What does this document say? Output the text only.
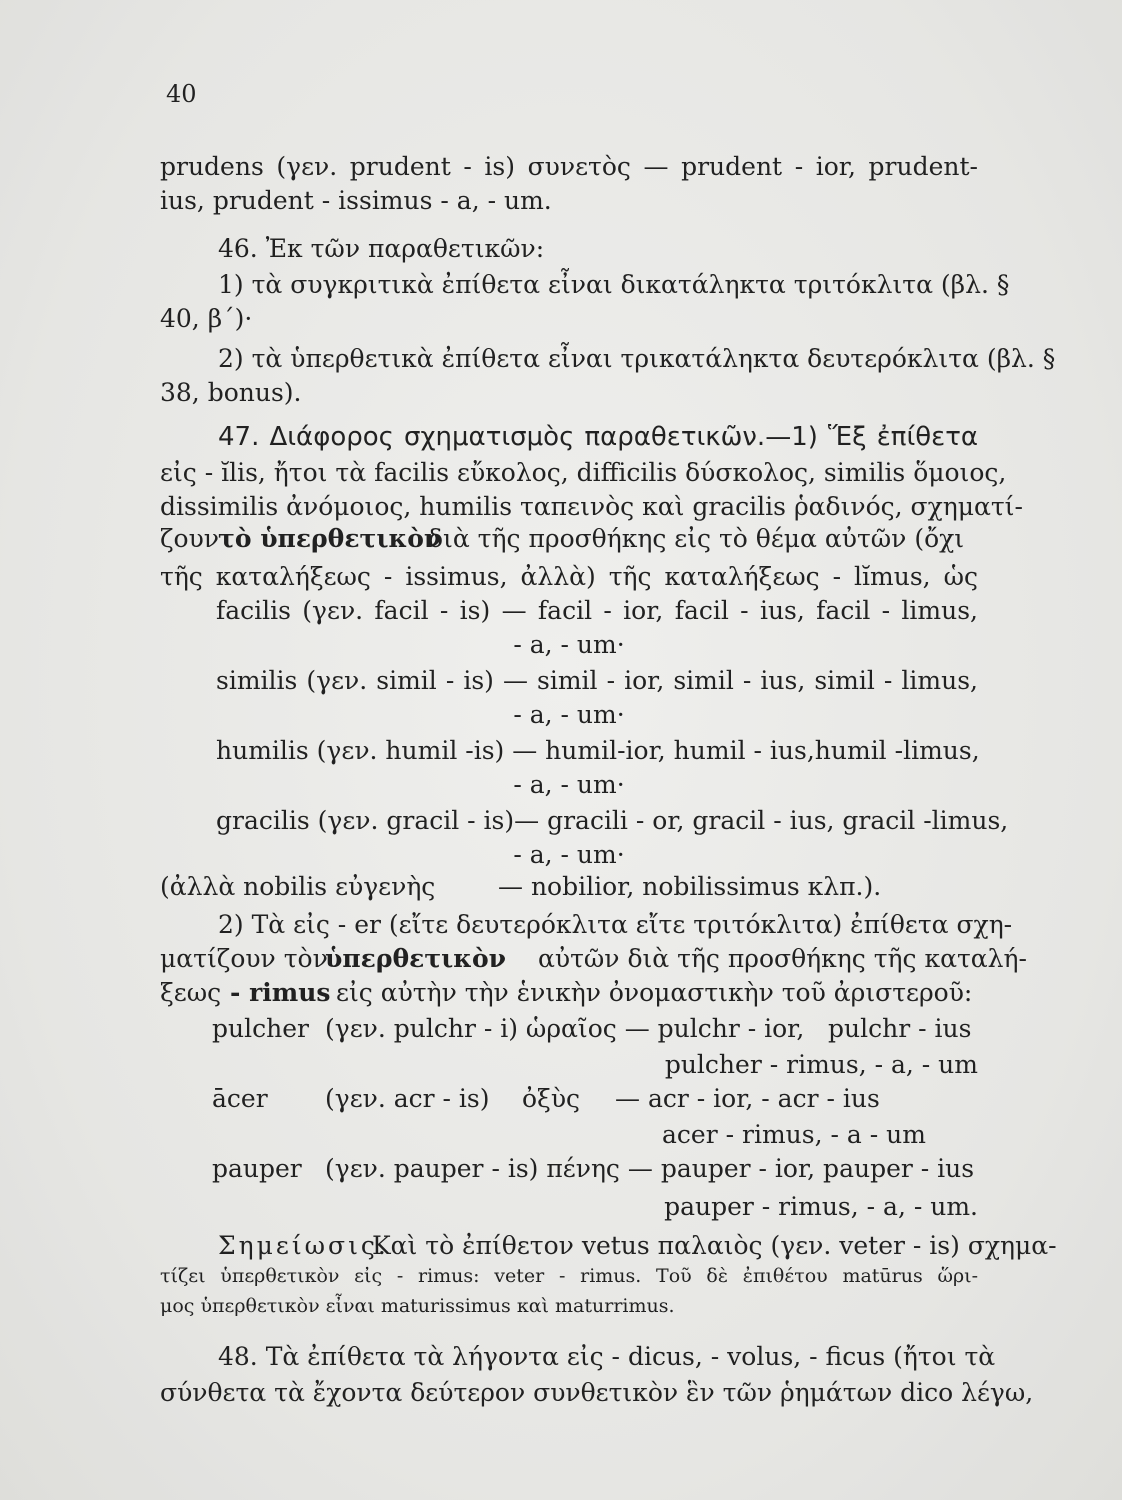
40
prudens (γεν. prudent - is) συνετὸς — prudent - ior, prudent-
ius, prudent - issimus - a, - um.
46. Ἐκ τῶν παραθετικῶν:
1) τὰ συγκριτικὰ ἐπίθετα εἶναι δικατάληκτα τριτόκλιτα (βλ. §
40, β´)·
2) τὰ ὑπερθετικὰ ἐπίθετα εἶναι τρικατάληκτα δευτερόκλιτα (βλ. §
38, bonus).
47. Διάφορος σχηματισμὸς παραθετικῶν.—1) Ἕξ ἐπίθετα
εἰς - ĭlis, ἤτοι τὰ facilis εὔκολος, difficilis δύσκολος, similis ὅμοιος,
dissimilis ἀνόμοιος, humilis ταπεινὸς καὶ gracilis ῥαδινός, σχηματί-
ζουν τὸ ὑπερθετικὸν
διὰ τῆς προσθήκης εἰς τὸ θέμα αὐτῶν (ὄχι
τῆς καταλήξεως - issimus, ἀλλὰ) τῆς καταλήξεως - lĭmus, ὡς
facilis (γεν. facil - is) — facil - ior, facil - ius, facil - limus,
- a, - um·
similis (γεν. simil - is) — simil - ior, simil - ius, simil - limus,
- a, - um·
humilis (γεν. humil -is) — humil-ior, humil - ius,humil -limus,
- a, - um·
gracilis (γεν. gracil - is)— gracili - or, gracil - ius, gracil -limus,
- a, - um·
(ἀλλὰ nobilis εὐγενὴς	— nobilior, nobilissimus κλπ.).
2) Τὰ εἰς - er (εἴτε δευτερόκλιτα εἴτε τριτόκλιτα) ἐπίθετα σχη-
ματίζουν τὸν
ὑπερθετικὸν αὐτῶν διὰ τῆς προσθήκης τῆς καταλή-
ξεως - rimus εἰς αὐτὴν τὴν ἑνικὴν ὀνομαστικὴν τοῦ ἀριστεροῦ:
pulcher (γεν. pulchr - i) ὡραῖος — pulchr - ior, pulchr - ius
pulcher - rimus, - a, - um
ācer (γεν. acr - is) ὀξὺς — acr - ior, - acr - ius
acer - rimus, - a - um
pauper (γεν. pauper - is) πένης — pauper - ior, pauper - ius
pauper - rimus, - a, - um.
Σημείωσις.
Καὶ τὸ ἐπίθετον vetus παλαιὸς (γεν. veter - is) σχημα-
τίζει ὑπερθετικὸν εἰς - rimus: veter - rimus. Τοῦ δὲ ἐπιθέτου matūrus ὥρι-
μος ὑπερθετικὸν εἶναι maturissimus καὶ maturrimus.
48. Τὰ ἐπίθετα τὰ λήγοντα εἰς - dicus, - volus, - ficus (ἤτοι τὰ
σύνθετα τὰ ἔχοντα δεύτερον συνθετικὸν ἓν τῶν ῥημάτων dico λέγω,
